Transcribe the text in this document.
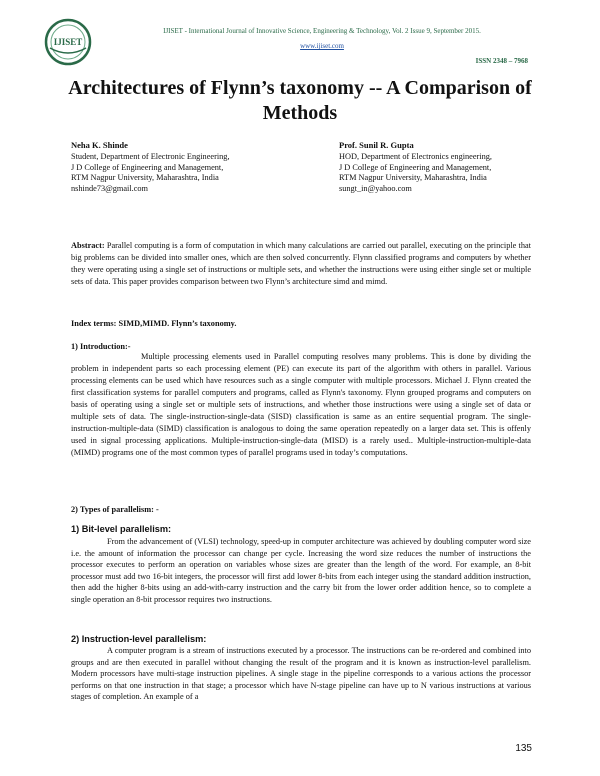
IJISET
IJISET - International Journal of Innovative Science, Engineering & Technology, Vol. 2 Issue 9, September 2015.
www.ijiset.com
ISSN 2348 – 7968
Architectures of Flynn’s taxonomy -- A Comparison of Methods
Neha K. Shinde
Student, Department of Electronic Engineering,
J D College of Engineering and Management,
RTM Nagpur University, Maharashtra, India
nshinde73@gmail.com
Prof. Sunil R. Gupta
HOD, Department of Electronics engineering,
J D College of Engineering and Management,
RTM Nagpur University, Maharashtra, India
sungt_in@yahoo.com

Abstract: Parallel computing is a form of computation in which many calculations are carried out parallel, executing on the principle that big problems can be divided into smaller ones, which are then solved concurrently. Flynn classified programs and computers by whether they were operating using a single set of instructions or multiple sets, and whether the instructions were using either single set or multiple sets of data. This paper provides comparison between two Flynn’s architecture simd and mimd.

Index terms: SIMD,MIMD. Flynn’s taxonomy.
1) Introduction:-

Multiple processing elements used in Parallel computing resolves many problems. This is done by dividing the problem in independent parts so each processing element (PE) can execute its part of the algorithm with others in parallel. Various processing elements can be used which have resources such as a single computer with multiple processors. Michael J. Flynn created the first classification systems for parallel computers and programs, called as Flynn's taxonomy. Flynn grouped programs and computers on basis of operating using a single set or multiple sets of instructions, and whether those instructions were using a single set of data or multiple sets of data. The single-instruction-single-data (SISD) classification is same as an entire sequential program. The single-instruction-multiple-data (SIMD) classification is analogous to doing the same operation repeatedly on a larger data set. This is offenly used in signal processing applications. Multiple-instruction-single-data (MISD) is a rarely used.. Multiple-instruction-multiple-data (MIMD) programs one of the most common types of parallel programs used in today’s computations.

2) Types of parallelism: -
1) Bit-level parallelism:

From the advancement of (VLSI) technology, speed-up in computer architecture was achieved by doubling computer word size i.e. the amount of information the processor can change per cycle. Increasing the word size reduces the number of instructions the processor executes to perform an operation on variables whose sizes are greater than the length of the word. For example, an 8-bit processor must add two 16-bit integers, the processor will first add lower 8-bits from each integer using the standard addition instruction, then add the higher 8-bits using an add-with-carry instruction and the carry bit from the lower order addition hence, so to complete a single operation an 8-bit processor requires two instructions.

2) Instruction-level parallelism:

A computer program is a stream of instructions executed by a processor. The instructions can be re-ordered and combined into groups and are then executed in parallel without changing the result of the program and it is known as instruction-level parallelism. Modern processors have multi-stage instruction pipelines. A single stage in the pipeline corresponds to a various actions the processor performs on that one instruction in that stage; a processor which have N-stage pipeline can have up to N various instructions at various stages of completion. An example of a

135
